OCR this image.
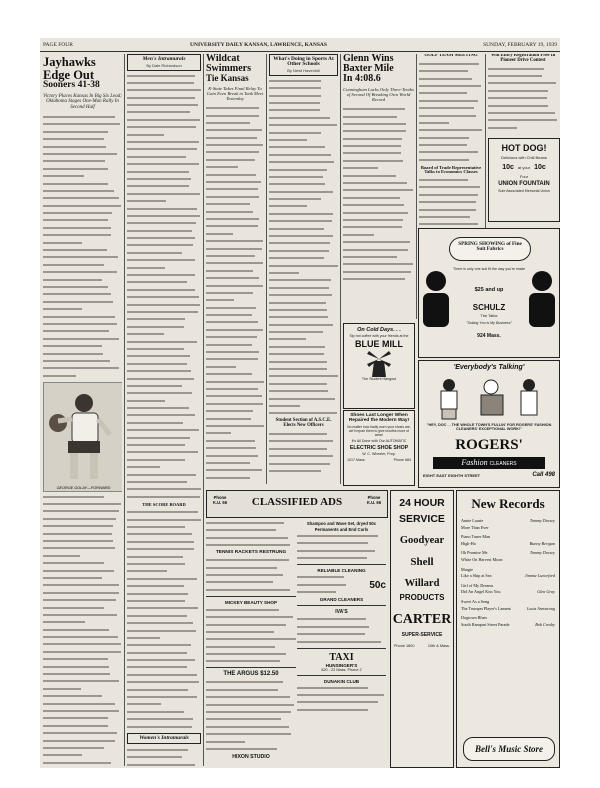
PAGE FOUR	UNIVERSITY DAILY KANSAN, LAWRENCE, KANSAS	SUNDAY, FEBRUARY 19, 1939
Jayhawks
Edge Out
Sooners 41-38
Victory Places Kansas In Big Six Lead; Oklahoma Stages One-Man Rally In Second Half
GEORGE GOLAY—FORWARD
Men's Intramurals
By Dale Richardson
THE SCORE BOARD
Women's Intramurals
Wildcat
Swimmers
Tie Kansas
K-State Takes Final Relay To Gain Even Break in Tank Meet Yesterday
What's Doing in Sports At Other Schools
By Newt Havenhill
Student Section of A.S.C.E. Elects New Officers
Glenn Wins
Baxter Mile
In 4:08.6
Cunningham Lacks Only Three-Tenths of Second Of Breaking Own World Record
GOLF TEAM MEETING
Board of Trade Representative Talks to Economics Classes
Win Entry Registration Free In Pioneer Drive Contest
HOT DOG!
Delicious with Chili Beans
10c at your 10c
Four
UNION FOUNTAIN
Sole Associated Memorial Union
SPRING SHOWING of Fine Suit Fabrics
There is only one suit fit the way you're made
$25 and up
SCHULZ
The Tailor
"Suiting You is My Business"
924 Mass.
On Cold Days. . .
Sip hot coffee with your friends at the
BLUE MILL
The Student Hangout
Shoes Last Longer When Repaired the Modern Way!
No matter how badly worn your shoes are, we'll repair them to give months more of wear!
It's All Done with Our AUTOMATIC
ELECTRIC SHOE SHOP
W. C. Wheeler, Prop.
1017 Mass.	Phone 684
'Everybody's Talking'
"HEY, DOC . . THE WHOLE TOWN'S FULLIN' FOR ROGERS' FASHION CLEANERS' EXCEPTIONAL WORK!"
ROGERS'
Fashion CLEANERS
EIGHT EAST EIGHTH STREET	Call 498
Phone K.U. 66	CLASSIFIED ADS	Phone K.U. 66
TENNIS RACKETS RESTRUNG
MICKEY BEAUTY SHOP
THE ARGUS $12.50
HIXON STUDIO
Shampoo and Wave Set, dryed 50c
Permanents and End Curls
RELIABLE CLEANING
50c
GRAND CLEANERS
IVA'S
TAXI
HUNSINGER'S
820 - 22 Mass. Phone 2
DUNAKIN CLUB
24 HOUR
SERVICE
Goodyear
Shell
Willard
PRODUCTS
CARTER
SUPER-SERVICE
Phone 1800	10th & Mass.
New Records
Annie Laurie	Tommy Dorsey
More Than Ever
Piano Tuner Man
High-Ho	Bunny Berigan
Oh Promise Me	Tommy Dorsey
White On Harvest Moon
Margie
Like a Ship at Sea	Jimmie Lunceford
Girl of My Dreams
Did An Angel Kiss You	Glen Gray
Sweet As a Song
The Trumpet Player's Lament	Louis Armstrong
Dogtown Blues
South Rampart Street Parade	Bob Crosby
Bell's Music Store
